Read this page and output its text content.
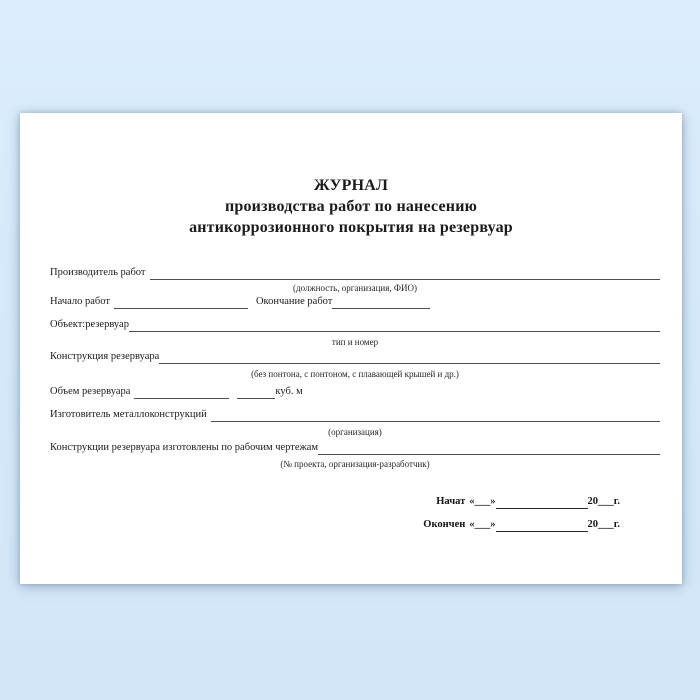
ЖУРНАЛ
производства работ по нанесению
антикоррозионного покрытия на резервуар
Производитель работ
(должность, организация, ФИО)
Начало работ	Окончание работ
Объект:резервуар
тип и номер
Конструкция резервуара
(без понтона, с понтоном, с плавающей крышей и др.)
Объем резервуара	куб. м
Изготовитель металлоконструкций
(организация)
Конструкции резервуара изготовлены по рабочим чертежам
(№ проекта, организация-разработчик)
Начат «___»	20___г.
Окончен «___»	20___г.
